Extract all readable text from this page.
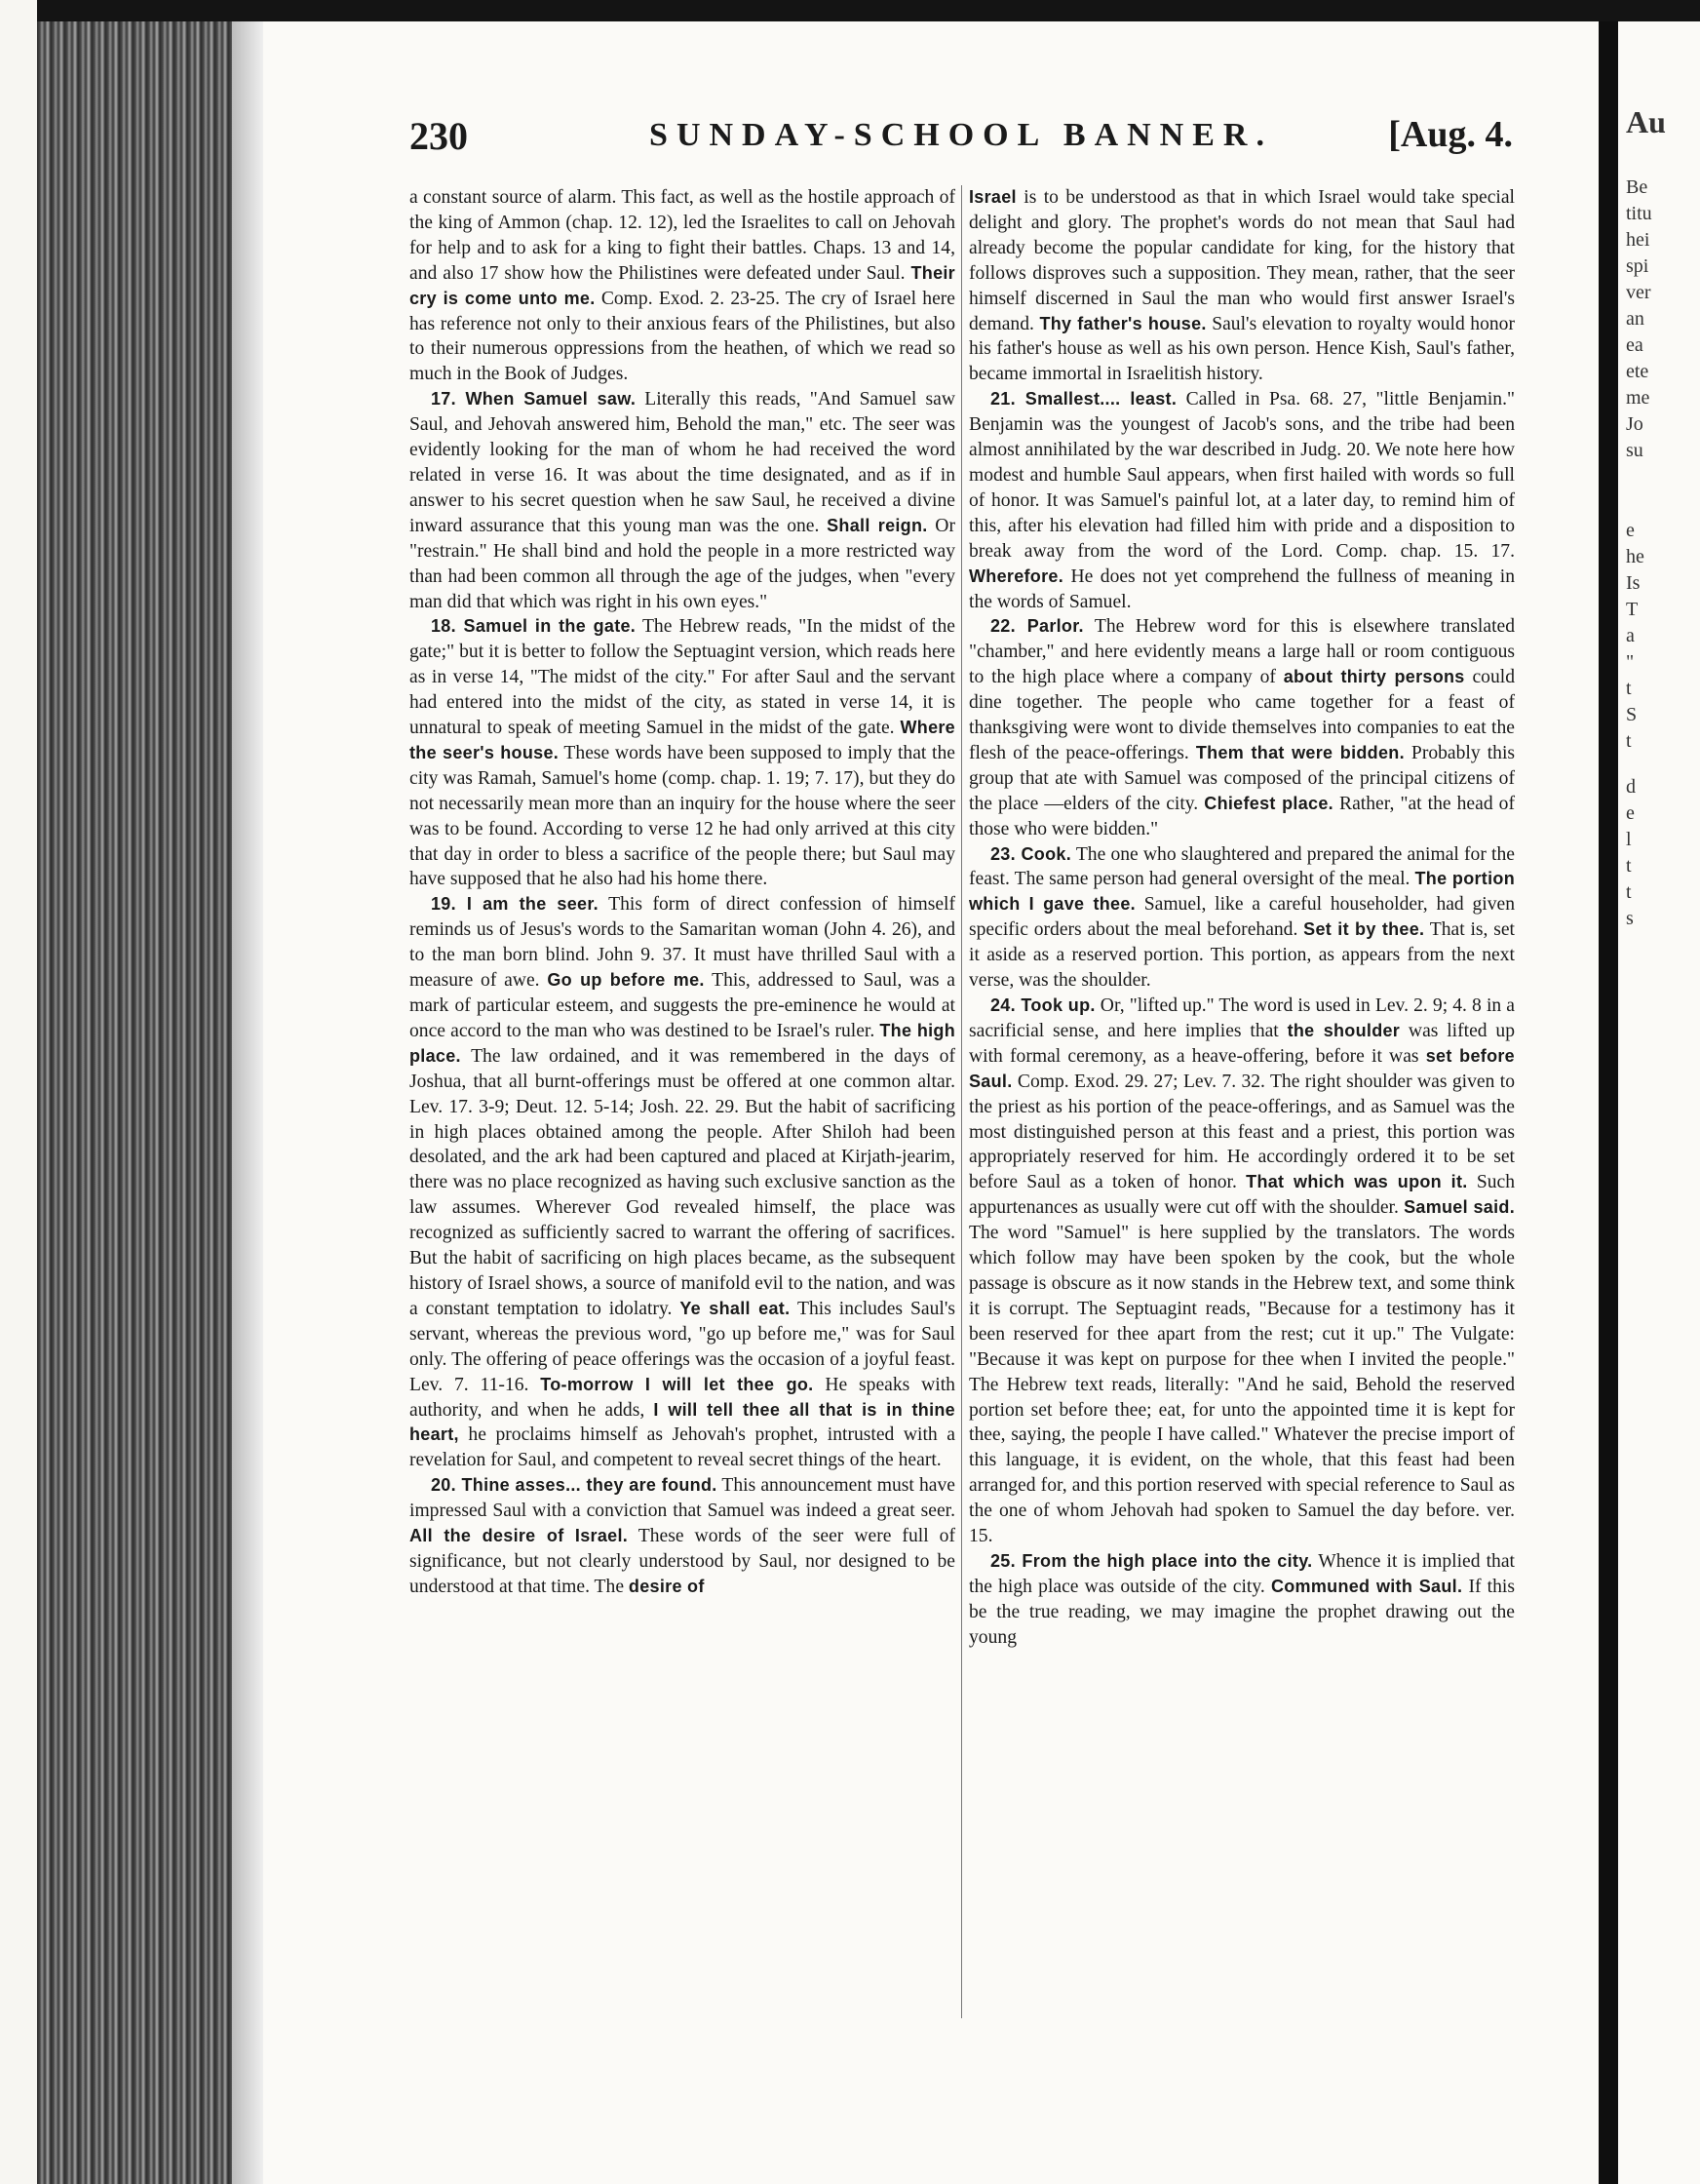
Au
Be
titu
hei
spi
ver
an
ea
ete
me
Jo
su
e
he
Is
T
a
"
t
S
t
d
e
l
t
t
s
230	SUNDAY-SCHOOL BANNER.	[Aug. 4.

a constant source of alarm. This fact, as well as the hostile approach of the king of Ammon (chap. 12. 12), led the Israelites to call on Jehovah for help and to ask for a king to fight their battles. Chaps. 13 and 14, and also 17 show how the Philistines were defeated under Saul. Their cry is come unto me. Comp. Exod. 2. 23-25. The cry of Israel here has reference not only to their anxious fears of the Philistines, but also to their numerous oppressions from the heathen, of which we read so much in the Book of Judges.

17. When Samuel saw. Literally this reads, "And Samuel saw Saul, and Jehovah answered him, Behold the man," etc. The seer was evidently looking for the man of whom he had received the word related in verse 16. It was about the time designated, and as if in answer to his secret question when he saw Saul, he received a divine inward assurance that this young man was the one. Shall reign. Or "restrain." He shall bind and hold the people in a more restricted way than had been common all through the age of the judges, when "every man did that which was right in his own eyes."

18. Samuel in the gate. The Hebrew reads, "In the midst of the gate;" but it is better to follow the Septuagint version, which reads here as in verse 14, "The midst of the city." For after Saul and the servant had entered into the midst of the city, as stated in verse 14, it is unnatural to speak of meeting Samuel in the midst of the gate. Where the seer's house. These words have been supposed to imply that the city was Ramah, Samuel's home (comp. chap. 1. 19; 7. 17), but they do not necessarily mean more than an inquiry for the house where the seer was to be found. According to verse 12 he had only arrived at this city that day in order to bless a sacrifice of the people there; but Saul may have supposed that he also had his home there.

19. I am the seer. This form of direct confession of himself reminds us of Jesus's words to the Samaritan woman (John 4. 26), and to the man born blind. John 9. 37. It must have thrilled Saul with a measure of awe. Go up before me. This, addressed to Saul, was a mark of particular esteem, and suggests the pre-eminence he would at once accord to the man who was destined to be Israel's ruler. The high place. The law ordained, and it was remembered in the days of Joshua, that all burnt-offerings must be offered at one common altar. Lev. 17. 3-9; Deut. 12. 5-14; Josh. 22. 29. But the habit of sacrificing in high places obtained among the people. After Shiloh had been desolated, and the ark had been captured and placed at Kirjath-jearim, there was no place recognized as having such exclusive sanction as the law assumes. Wherever God revealed himself, the place was recognized as sufficiently sacred to warrant the offering of sacrifices. But the habit of sacrificing on high places became, as the subsequent history of Israel shows, a source of manifold evil to the nation, and was a constant temptation to idolatry. Ye shall eat. This includes Saul's servant, whereas the previous word, "go up before me," was for Saul only. The offering of peace offerings was the occasion of a joyful feast. Lev. 7. 11-16. To-morrow I will let thee go. He speaks with authority, and when he adds, I will tell thee all that is in thine heart, he proclaims himself as Jehovah's prophet, intrusted with a revelation for Saul, and competent to reveal secret things of the heart.

20. Thine asses... they are found. This announcement must have impressed Saul with a conviction that Samuel was indeed a great seer. All the desire of Israel. These words of the seer were full of significance, but not clearly understood by Saul, nor designed to be understood at that time. The desire of

Israel is to be understood as that in which Israel would take special delight and glory. The prophet's words do not mean that Saul had already become the popular candidate for king, for the history that follows disproves such a supposition. They mean, rather, that the seer himself discerned in Saul the man who would first answer Israel's demand. Thy father's house. Saul's elevation to royalty would honor his father's house as well as his own person. Hence Kish, Saul's father, became immortal in Israelitish history.

21. Smallest.... least. Called in Psa. 68. 27, "little Benjamin." Benjamin was the youngest of Jacob's sons, and the tribe had been almost annihilated by the war described in Judg. 20. We note here how modest and humble Saul appears, when first hailed with words so full of honor. It was Samuel's painful lot, at a later day, to remind him of this, after his elevation had filled him with pride and a disposition to break away from the word of the Lord. Comp. chap. 15. 17. Wherefore. He does not yet comprehend the fullness of meaning in the words of Samuel.

22. Parlor. The Hebrew word for this is elsewhere translated "chamber," and here evidently means a large hall or room contiguous to the high place where a company of about thirty persons could dine together. The people who came together for a feast of thanksgiving were wont to divide themselves into companies to eat the flesh of the peace-offerings. Them that were bidden. Probably this group that ate with Samuel was composed of the principal citizens of the place —elders of the city. Chiefest place. Rather, "at the head of those who were bidden."

23. Cook. The one who slaughtered and prepared the animal for the feast. The same person had general oversight of the meal. The portion which I gave thee. Samuel, like a careful householder, had given specific orders about the meal beforehand. Set it by thee. That is, set it aside as a reserved portion. This portion, as appears from the next verse, was the shoulder.

24. Took up. Or, "lifted up." The word is used in Lev. 2. 9; 4. 8 in a sacrificial sense, and here implies that the shoulder was lifted up with formal ceremony, as a heave-offering, before it was set before Saul. Comp. Exod. 29. 27; Lev. 7. 32. The right shoulder was given to the priest as his portion of the peace-offerings, and as Samuel was the most distinguished person at this feast and a priest, this portion was appropriately reserved for him. He accordingly ordered it to be set before Saul as a token of honor. That which was upon it. Such appurtenances as usually were cut off with the shoulder. Samuel said. The word "Samuel" is here supplied by the translators. The words which follow may have been spoken by the cook, but the whole passage is obscure as it now stands in the Hebrew text, and some think it is corrupt. The Septuagint reads, "Because for a testimony has it been reserved for thee apart from the rest; cut it up." The Vulgate: "Because it was kept on purpose for thee when I invited the people." The Hebrew text reads, literally: "And he said, Behold the reserved portion set before thee; eat, for unto the appointed time it is kept for thee, saying, the people I have called." Whatever the precise import of this language, it is evident, on the whole, that this feast had been arranged for, and this portion reserved with special reference to Saul as the one of whom Jehovah had spoken to Samuel the day before. ver. 15.

25. From the high place into the city. Whence it is implied that the high place was outside of the city. Communed with Saul. If this be the true reading, we may imagine the prophet drawing out the young
